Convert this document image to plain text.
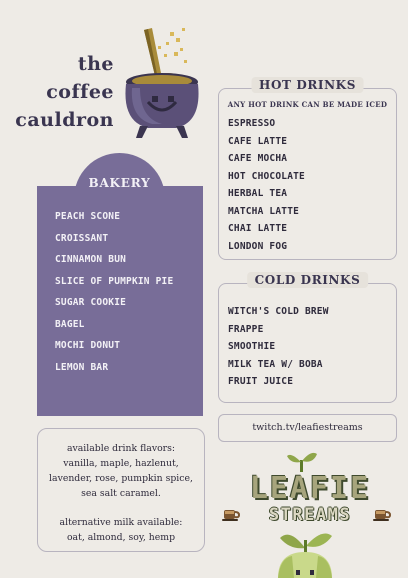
the
coffee
cauldron
HOT DRINKS
ANY HOT DRINK CAN BE MADE ICED
ESPRESSO
CAFE LATTE
CAFE MOCHA
HOT CHOCOLATE
HERBAL TEA
MATCHA LATTE
CHAI LATTE
LONDON FOG
COLD DRINKS
WITCH'S COLD BREW
FRAPPE
SMOOTHIE
MILK TEA W/ BOBA
FRUIT JUICE
BAKERY
PEACH SCONE
CROISSANT
CINNAMON BUN
SLICE OF PUMPKIN PIE
SUGAR COOKIE
BAGEL
MOCHI DONUT
LEMON BAR

available drink flavors:

vanilla, maple, hazlenut,

lavender, rose, pumpkin spice,

sea salt caramel.

alternative milk available:

oat, almond, soy, hemp

twitch.tv/leafiestreams
LEAFIE
STREAMS
